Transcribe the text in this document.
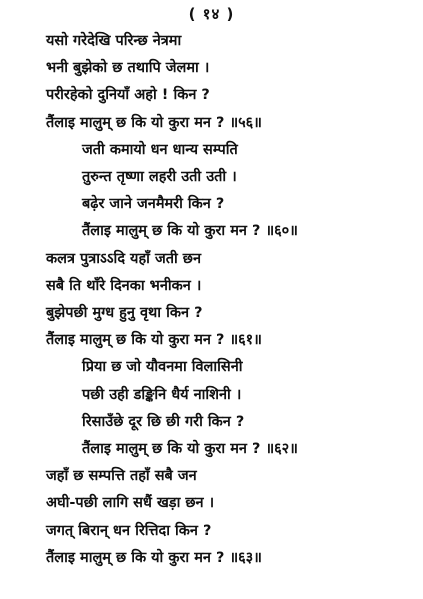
( १४ )
यसो गरेदेखि परिन्छ नेत्रमा
भनी बुझेको छ तथापि जेलमा ।
परीरहेको दुनियाँ अहो ! किन ?
तैंलाइ मालुम् छ कि यो कुरा मन ? ॥५६॥
जती कमायो धन धान्य सम्पति
तुरुन्त तृष्णा लहरी उती उती ।
बढ़ेर जाने जनमैमरी किन ?
तैंलाइ मालुम् छ कि यो कुरा मन ? ॥६०॥
कलत्र पुत्राऽऽदि यहाँ जती छन
सबै ति थाँरे दिनका भनीकन ।
बुझेपछी मुग्ध हुनु वृथा किन ?
तैंलाइ मालुम् छ कि यो कुरा मन ? ॥६१॥
प्रिया छ जो यौवनमा विलासिनी
पछी उही डङ्किनि धैर्य नाशिनी ।
रिसाउँछे दूर छि छी गरी किन ?
तैंलाइ मालुम् छ कि यो कुरा मन ? ॥६२॥
जहाँ छ सम्पत्ति तहाँ सबै जन
अघी-पछी लागि सधैं खड़ा छन ।
जगत् बिरान् धन रित्तिदा किन ?
तैंलाइ मालुम् छ कि यो कुरा मन ? ॥६३॥
